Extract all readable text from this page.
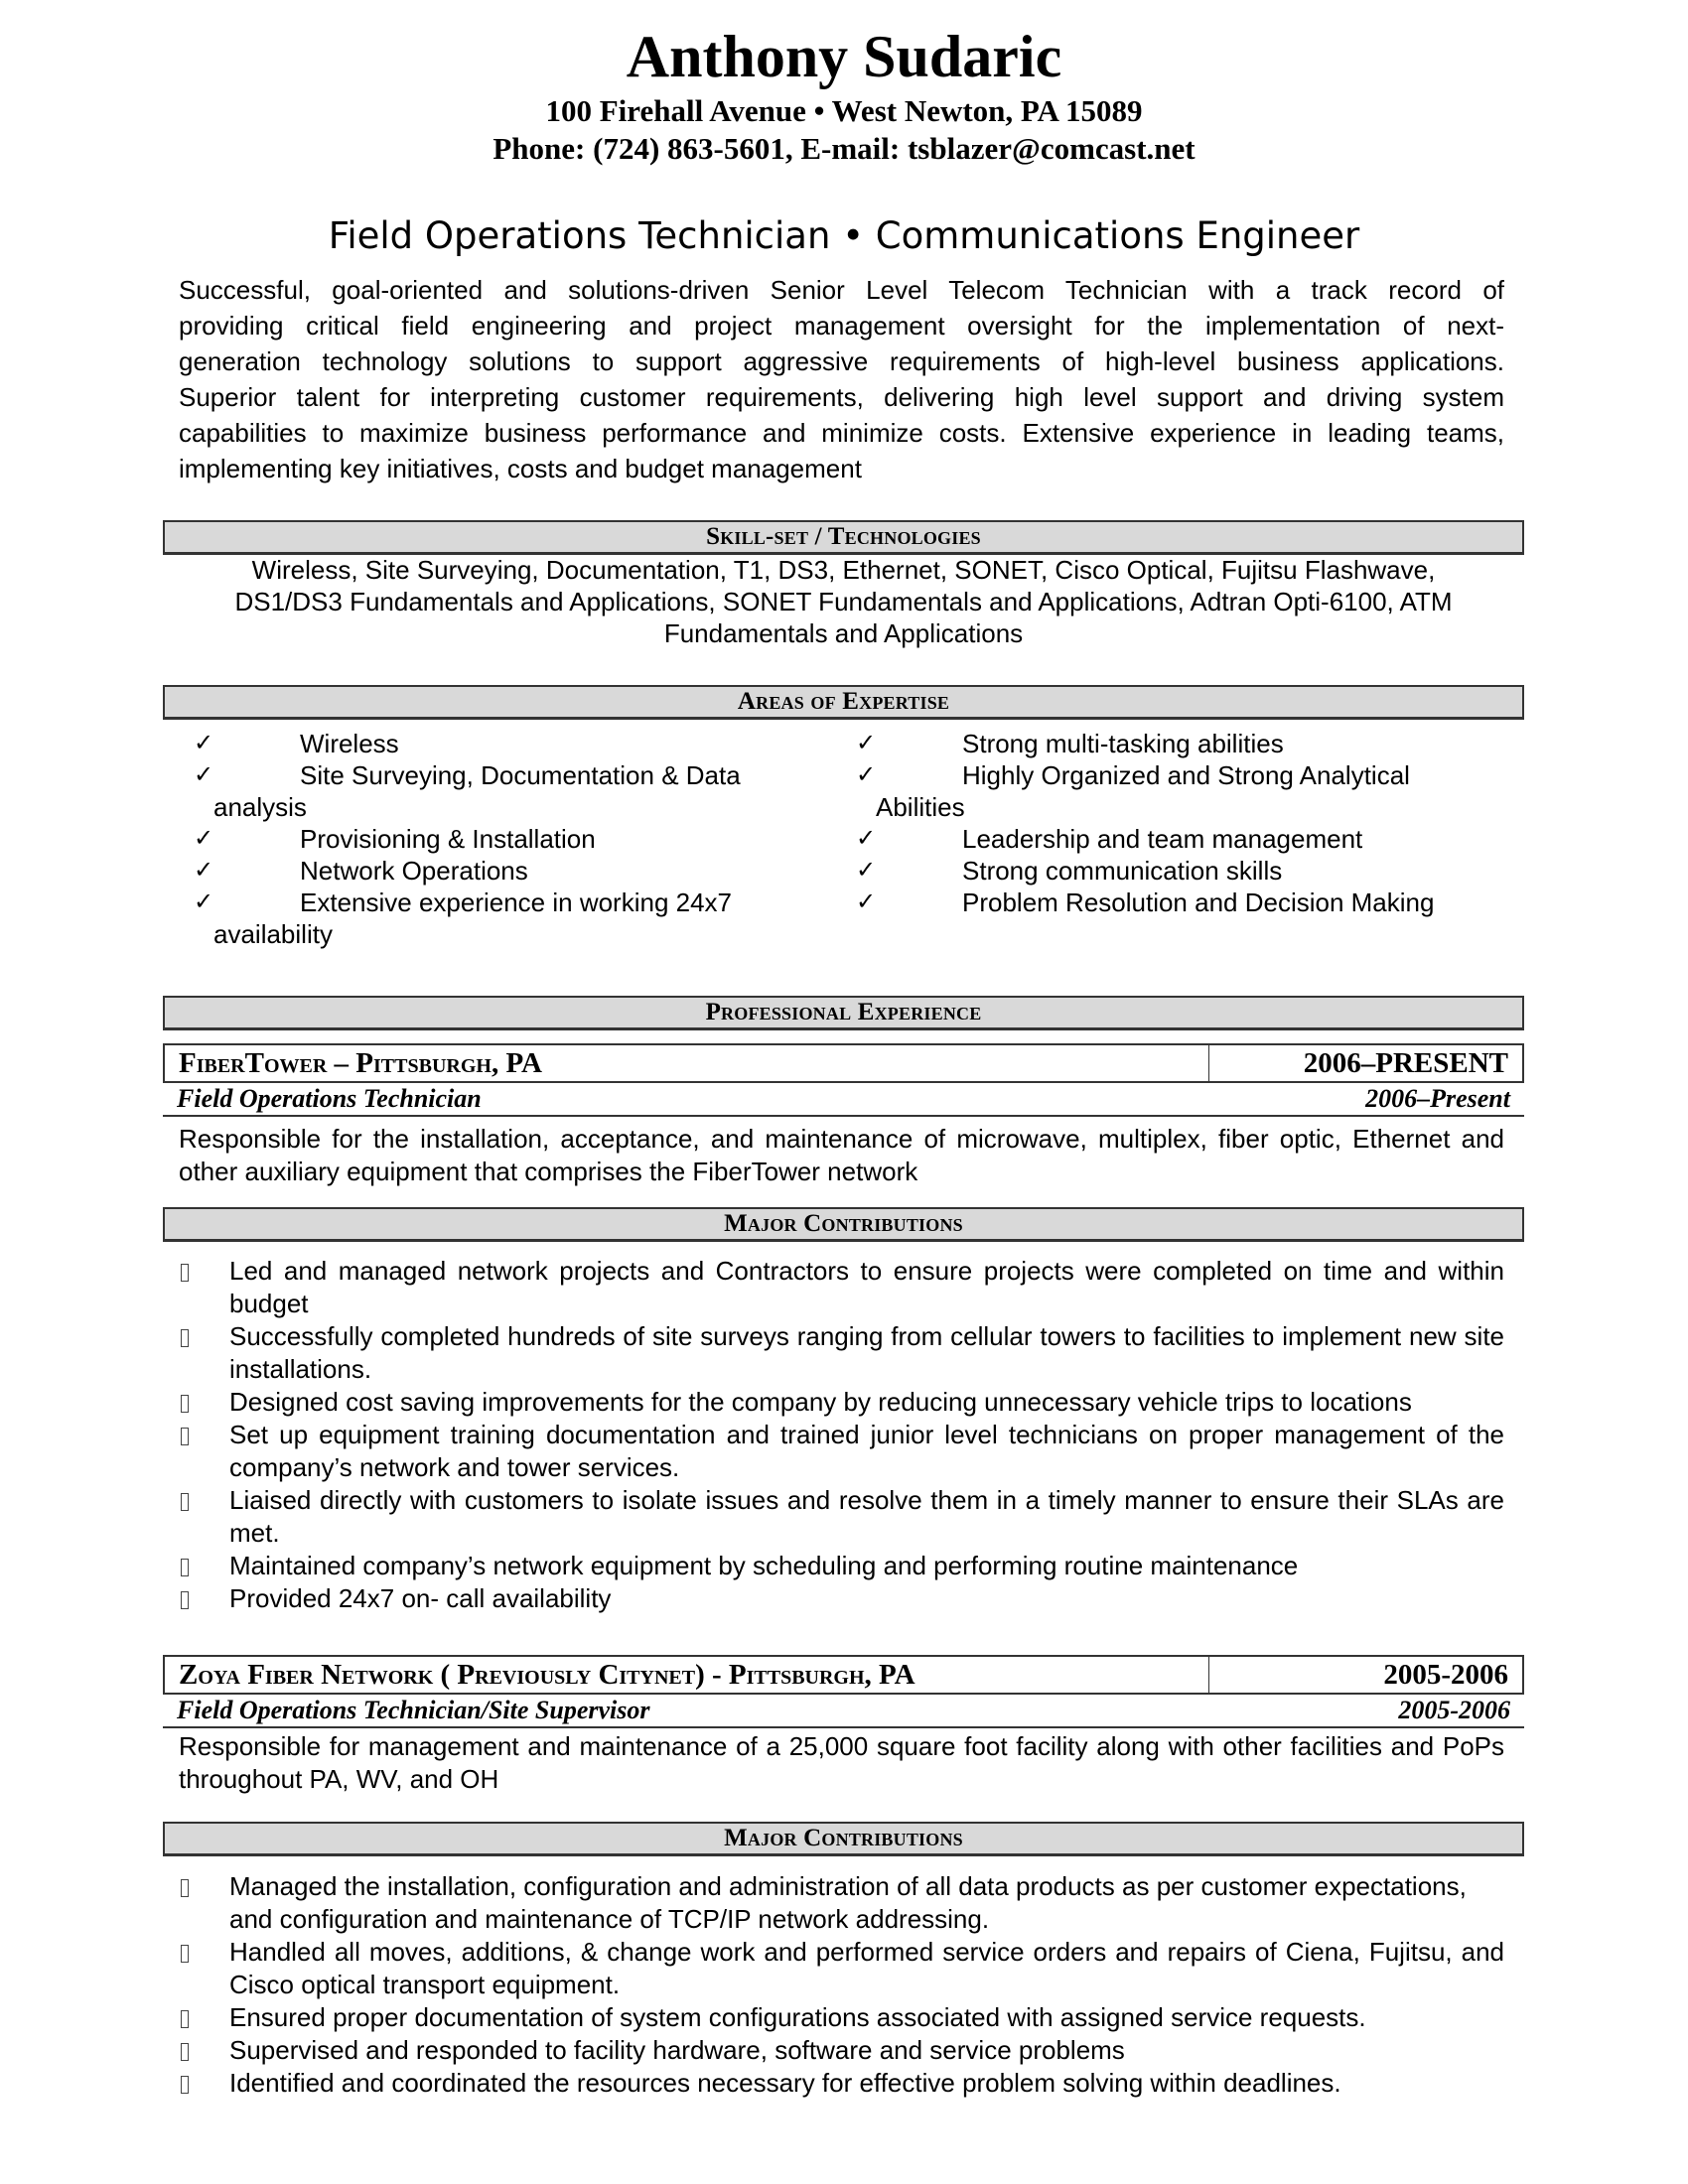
Anthony Sudaric
100 Firehall Avenue • West Newton, PA 15089
Phone: (724) 863-5601, E-mail: tsblazer@comcast.net
Field Operations Technician • Communications Engineer
Successful, goal-oriented and solutions-driven Senior Level Telecom Technician with a track record of
providing critical field engineering and project management oversight for the implementation of next-
generation technology solutions to support aggressive requirements of high-level business applications.
Superior talent for interpreting customer requirements, delivering high level support and driving system
capabilities to maximize business performance and minimize costs. Extensive experience in leading teams,
implementing key initiatives, costs and budget management
Skill-set / Technologies
Wireless, Site Surveying, Documentation, T1, DS3, Ethernet, SONET, Cisco Optical, Fujitsu Flashwave,
DS1/DS3 Fundamentals and Applications, SONET Fundamentals and Applications, Adtran Opti-6100, ATM
Fundamentals and Applications
Areas of Expertise
✓	Wireless
✓	Site Surveying, Documentation & Data
analysis
✓	Provisioning & Installation
✓	Network Operations
✓	Extensive experience in working 24x7
availability
✓	Strong multi-tasking abilities
✓	Highly Organized and Strong Analytical
Abilities
✓	Leadership and team management
✓	Strong communication skills
✓	Problem Resolution and Decision Making
Professional Experience
FiberTower – Pittsburgh, PA	2006–PRESENT
Field Operations Technician	2006–Present
Responsible for the installation, acceptance, and maintenance of microwave, multiplex, fiber optic, Ethernet and other auxiliary equipment that comprises the FiberTower network
Major Contributions
Led and managed network projects and Contractors to ensure projects were completed on time and within budget
Successfully completed hundreds of site surveys ranging from cellular towers to facilities to implement new site installations.
Designed cost saving improvements for the company by reducing unnecessary vehicle trips to locations
Set up equipment training documentation and trained junior level technicians on proper management of the company’s network and tower services.
Liaised directly with customers to isolate issues and resolve them in a timely manner to ensure their SLAs are met.
Maintained company’s network equipment by scheduling and performing routine maintenance
Provided 24x7 on- call availability
Zoya Fiber Network ( Previously Citynet) - Pittsburgh, PA	2005-2006
Field Operations Technician/Site Supervisor	2005-2006
Responsible for management and maintenance of a 25,000 square foot facility along with other facilities and PoPs throughout PA, WV, and OH
Major Contributions
Managed the installation, configuration and administration of all data products as per customer expectations, and configuration and maintenance of TCP/IP network addressing.
Handled all moves, additions, & change work and performed service orders and repairs of Ciena, Fujitsu, and Cisco optical transport equipment.
Ensured proper documentation of system configurations associated with assigned service requests.
Supervised and responded to facility hardware, software and service problems
Identified and coordinated the resources necessary for effective problem solving within deadlines.
